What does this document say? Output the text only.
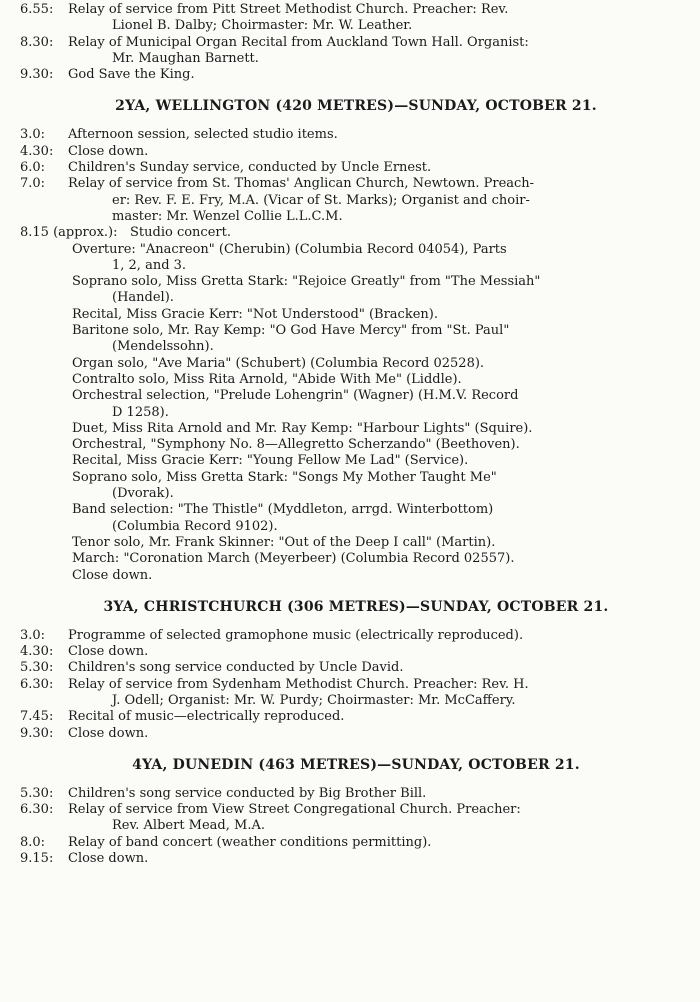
6.55:	Relay of service from Pitt Street Methodist Church. Preacher: Rev.
Lionel B. Dalby; Choirmaster: Mr. W. Leather.
8.30:	Relay of Municipal Organ Recital from Auckland Town Hall. Organist:
Mr. Maughan Barnett.
9.30:	God Save the King.
2YA, WELLINGTON (420 METRES)—SUNDAY, OCTOBER 21.
3.0:	Afternoon session, selected studio items.
4.30:	Close down.
6.0:	Children's Sunday service, conducted by Uncle Ernest.
7.0:	Relay of service from St. Thomas' Anglican Church, Newtown. Preach-
er: Rev. F. E. Fry, M.A. (Vicar of St. Marks); Organist and choir-
master: Mr. Wenzel Collie L.L.C.M.
8.15 (approx.): Studio concert.
Overture: "Anacreon" (Cherubin) (Columbia Record 04054), Parts
1, 2, and 3.
Soprano solo, Miss Gretta Stark: "Rejoice Greatly" from "The Messiah"
(Handel).
Recital, Miss Gracie Kerr: "Not Understood" (Bracken).
Baritone solo, Mr. Ray Kemp: "O God Have Mercy" from "St. Paul"
(Mendelssohn).
Organ solo, "Ave Maria" (Schubert) (Columbia Record 02528).
Contralto solo, Miss Rita Arnold, "Abide With Me" (Liddle).
Orchestral selection, "Prelude Lohengrin" (Wagner) (H.M.V. Record
D 1258).
Duet, Miss Rita Arnold and Mr. Ray Kemp: "Harbour Lights" (Squire).
Orchestral, "Symphony No. 8—Allegretto Scherzando" (Beethoven).
Recital, Miss Gracie Kerr: "Young Fellow Me Lad" (Service).
Soprano solo, Miss Gretta Stark: "Songs My Mother Taught Me"
(Dvorak).
Band selection: "The Thistle" (Myddleton, arrgd. Winterbottom)
(Columbia Record 9102).
Tenor solo, Mr. Frank Skinner: "Out of the Deep I call" (Martin).
March: "Coronation March (Meyerbeer) (Columbia Record 02557).
Close down.
3YA, CHRISTCHURCH (306 METRES)—SUNDAY, OCTOBER 21.
3.0:	Programme of selected gramophone music (electrically reproduced).
4.30:	Close down.
5.30:	Children's song service conducted by Uncle David.
6.30:	Relay of service from Sydenham Methodist Church. Preacher: Rev. H.
J. Odell; Organist: Mr. W. Purdy; Choirmaster: Mr. McCaffery.
7.45:	Recital of music—electrically reproduced.
9.30:	Close down.
4YA, DUNEDIN (463 METRES)—SUNDAY, OCTOBER 21.
5.30:	Children's song service conducted by Big Brother Bill.
6.30:	Relay of service from View Street Congregational Church. Preacher:
Rev. Albert Mead, M.A.
8.0:	Relay of band concert (weather conditions permitting).
9.15:	Close down.
